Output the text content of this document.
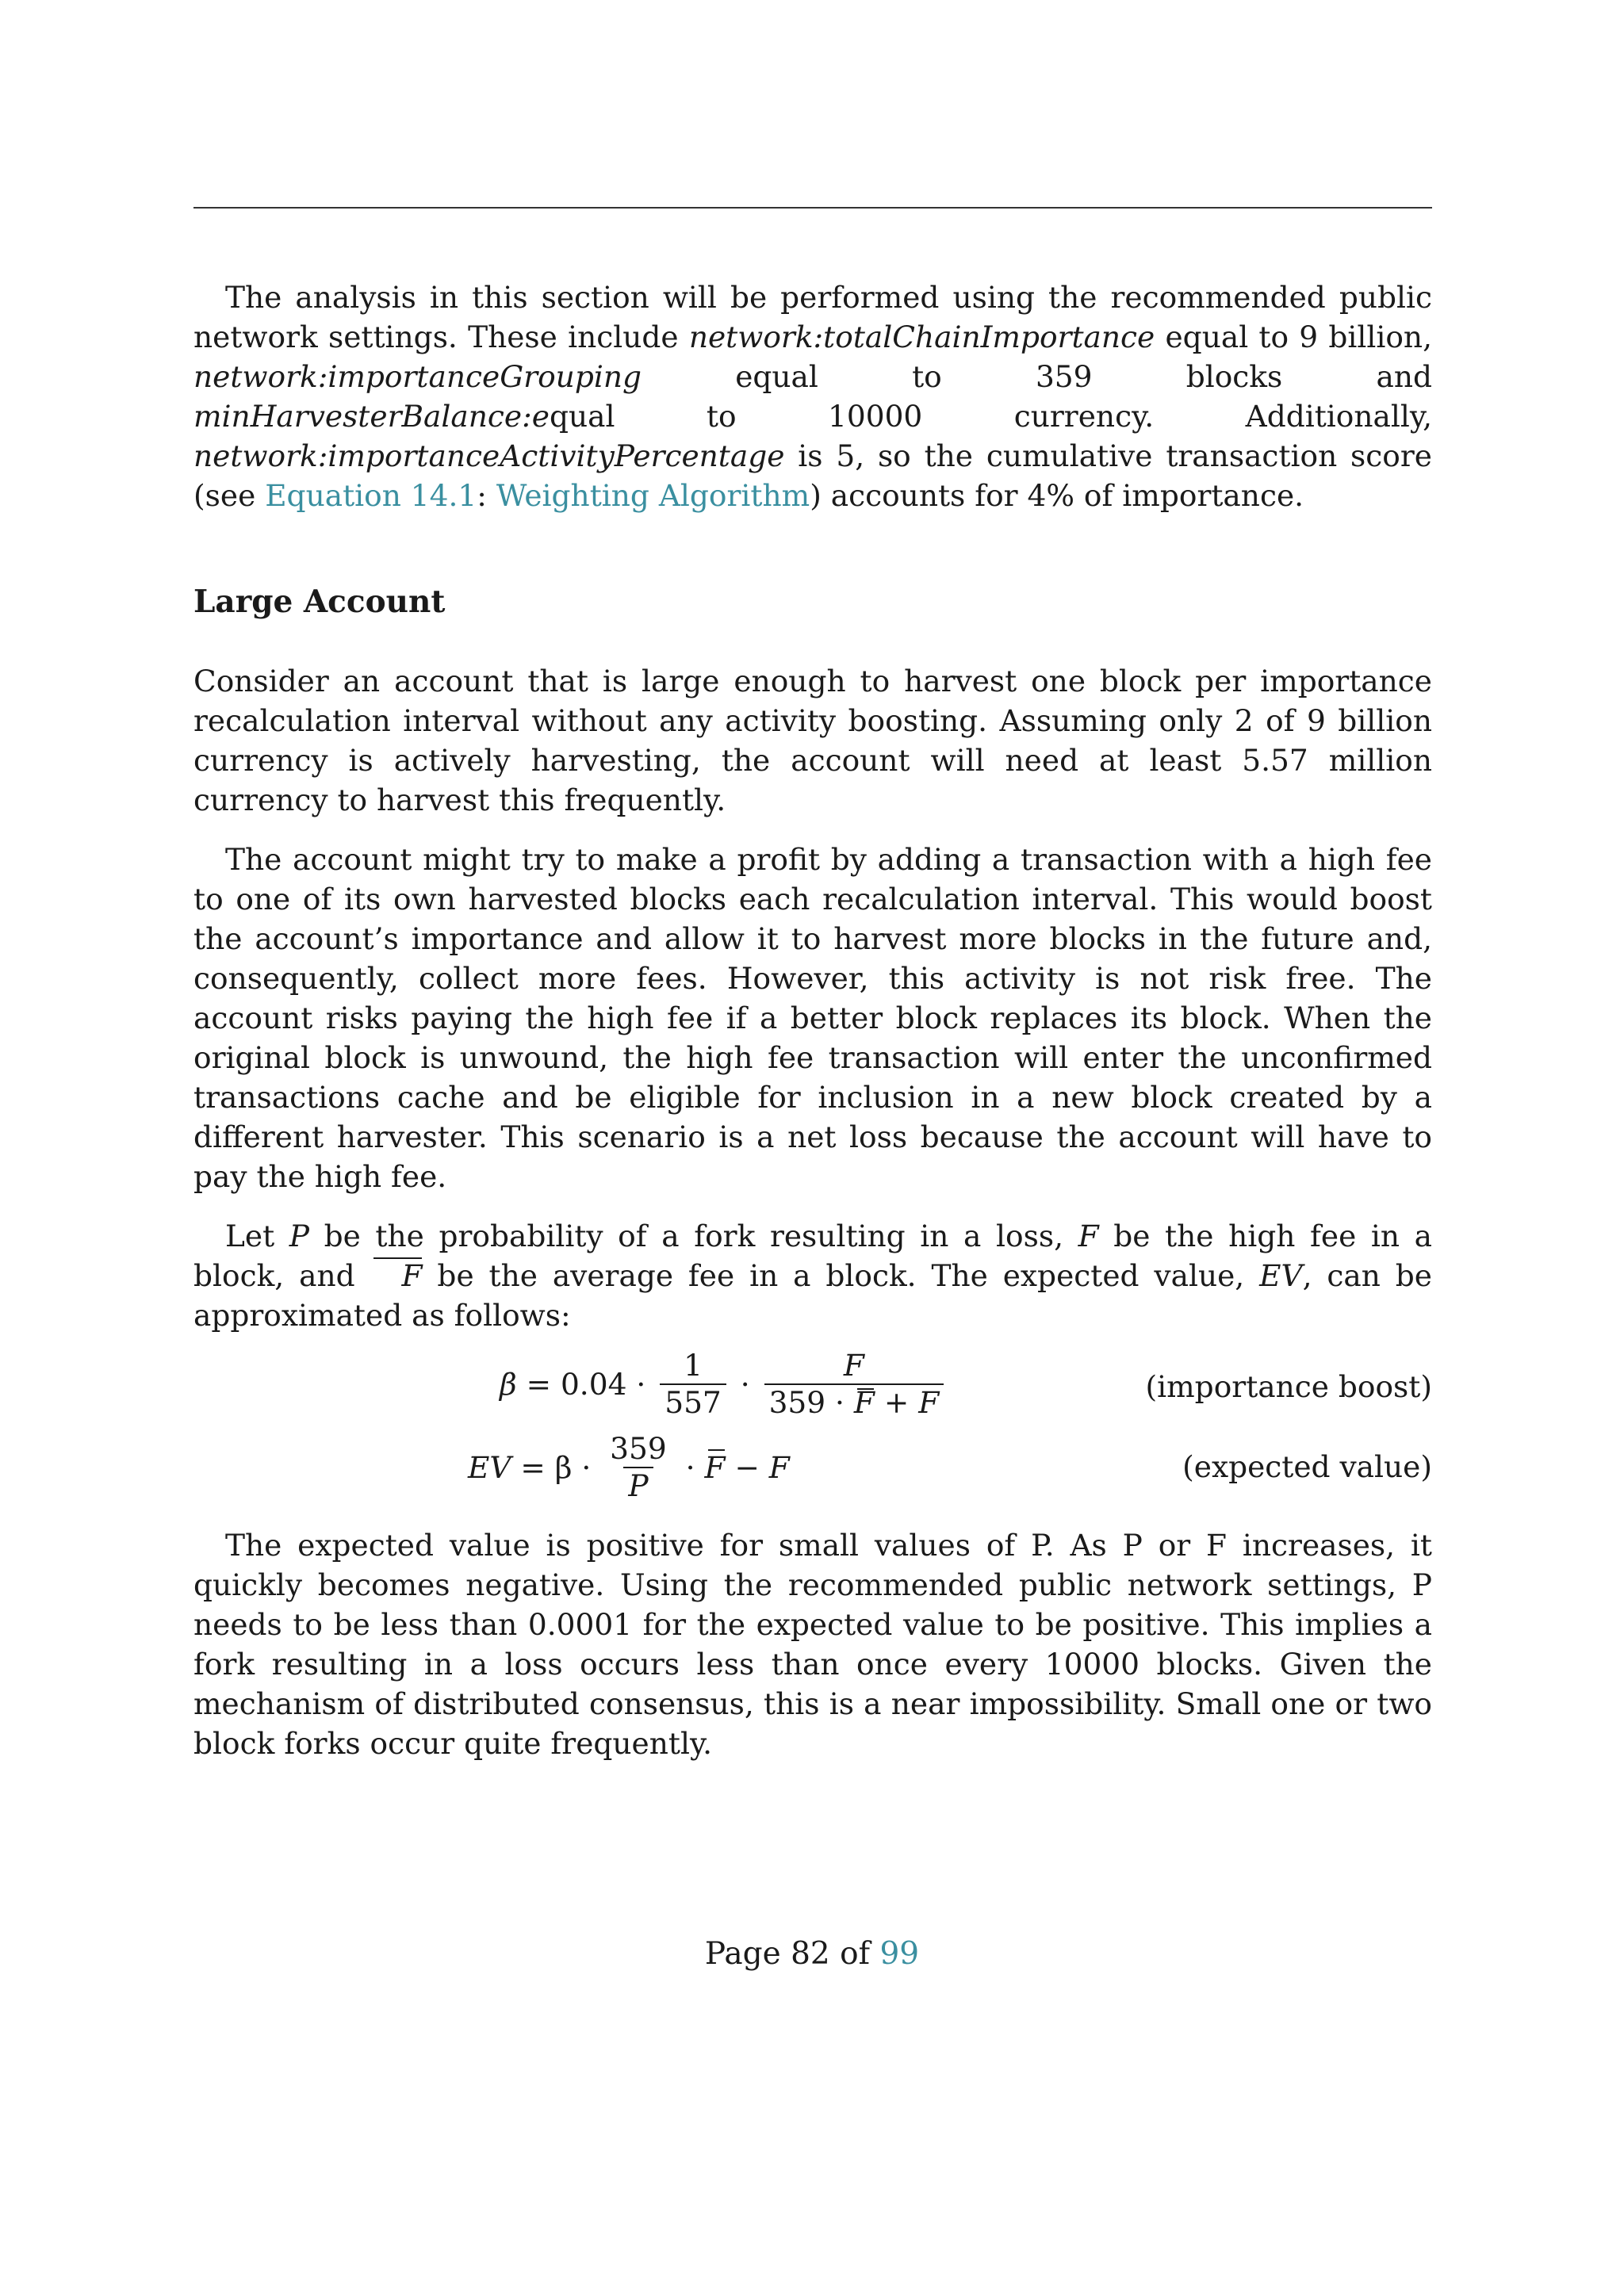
The analysis in this section will be performed using the recommended public network settings. These include network:totalChainImportance equal to 9 billion, network:importanceGrouping equal to 359 blocks and minHarvesterBalance:equal to 10000 currency. Additionally, network:importanceActivityPercentage is 5, so the cumulative transaction score (see Equation 14.1: Weighting Algorithm) accounts for 4% of importance.

Large Account

Consider an account that is large enough to harvest one block per importance recalculation interval without any activity boosting. Assuming only 2 of 9 billion currency is actively harvesting, the account will need at least 5.57 million currency to harvest this frequently.

The account might try to make a profit by adding a transaction with a high fee to one of its own harvested blocks each recalculation interval. This would boost the account’s importance and allow it to harvest more blocks in the future and, consequently, collect more fees. However, this activity is not risk free. The account risks paying the high fee if a better block replaces its block. When the original block is unwound, the high fee transaction will enter the unconfirmed transactions cache and be eligible for inclusion in a new block created by a different harvester. This scenario is a net loss because the account will have to pay the high fee.

Let P be the probability of a fork resulting in a loss, F be the high fee in a block, and F be the average fee in a block. The expected value, EV, can be approximated as follows:

$\beta = 0.04 \cdot \frac{1}{557} \cdot \frac{F}{359 \cdot F + F}$	(importance boost)
EV = $\beta \cdot \frac{359}{P} \cdot F - F$	(expected value)

The expected value is positive for small values of P. As P or F increases, it quickly becomes negative. Using the recommended public network settings, P needs to be less than 0.0001 for the expected value to be positive. This implies a fork resulting in a loss occurs less than once every 10000 blocks. Given the mechanism of distributed consensus, this is a near impossibility. Small one or two block forks occur quite frequently.

Page 82 of 99
